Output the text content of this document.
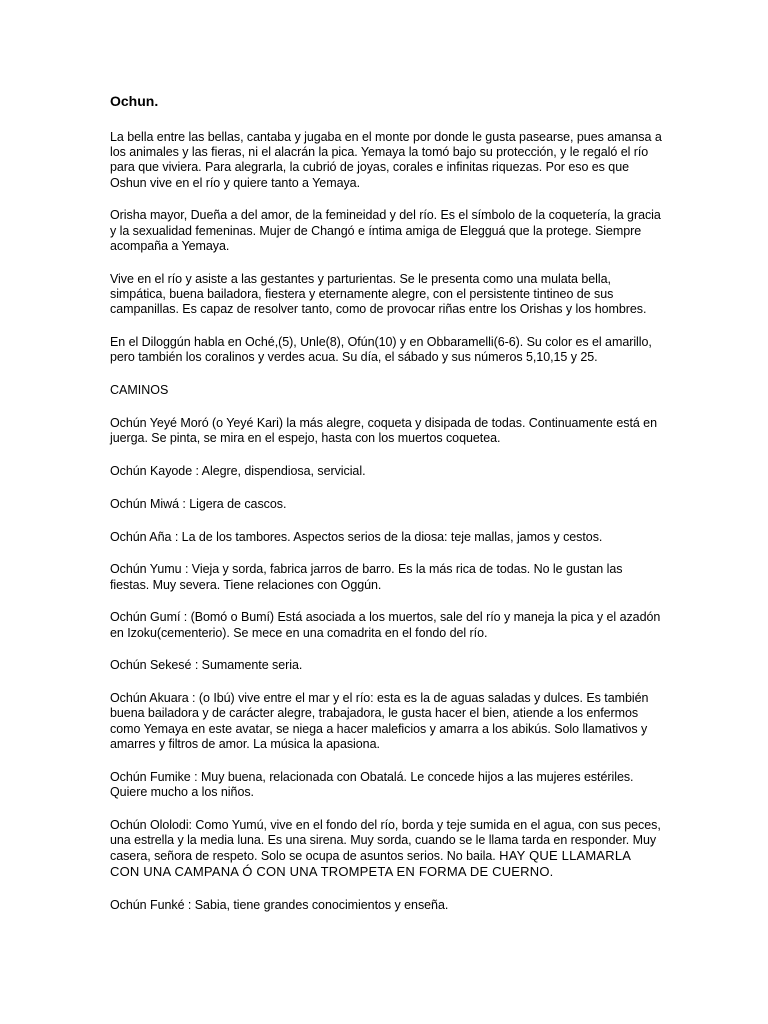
Ochun.

La bella entre las bellas, cantaba y jugaba en el monte por donde le gusta pasearse, pues amansa a los animales y las fieras, ni el alacrán la pica. Yemaya la tomó bajo su protección, y le regaló el río para que viviera. Para alegrarla, la cubrió de joyas, corales e infinitas riquezas. Por eso es que Oshun vive en el río y quiere tanto a Yemaya.

Orisha mayor, Dueña a del amor, de la femineidad y del río. Es el símbolo de la coquetería, la gracia y la sexualidad femeninas. Mujer de Changó e íntima amiga de Elegguá que la protege. Siempre acompaña a Yemaya.

Vive en el río y asiste a las gestantes y parturientas. Se le presenta como una mulata bella, simpática, buena bailadora, fiestera y eternamente alegre, con el persistente tintineo de sus campanillas. Es capaz de resolver tanto, como de provocar riñas entre los Orishas y los hombres.

En el Diloggún habla en Oché,(5), Unle(8), Ofún(10) y en Obbaramelli(6-6). Su color es el amarillo, pero también los coralinos y verdes acua. Su día, el sábado y sus números 5,10,15 y 25.

CAMINOS

Ochún Yeyé Moró (o Yeyé Kari) la más alegre, coqueta y disipada de todas. Continuamente está en juerga. Se pinta, se mira en el espejo, hasta con los muertos coquetea.

Ochún Kayode : Alegre, dispendiosa, servicial.

Ochún Miwá : Ligera de cascos.

Ochún Aña : La de los tambores. Aspectos serios de la diosa: teje mallas, jamos y cestos.

Ochún Yumu : Vieja y sorda, fabrica jarros de barro. Es la más rica de todas. No le gustan las fiestas. Muy severa. Tiene relaciones con Oggún.

Ochún Gumí : (Bomó o Bumí) Está asociada a los muertos, sale del río y maneja la pica y el azadón en Izoku(cementerio). Se mece en una comadrita en el fondo del río.

Ochún Sekesé : Sumamente seria.

Ochún Akuara : (o Ibú) vive entre el mar y el río: esta es la de aguas saladas y dulces. Es también buena bailadora y de carácter alegre, trabajadora, le gusta hacer el bien, atiende a los enfermos como Yemaya en este avatar, se niega a hacer maleficios y amarra a los abikús. Solo llamativos y amarres y filtros de amor. La música la apasiona.

Ochún Fumike : Muy buena, relacionada con Obatalá. Le concede hijos a las mujeres estériles. Quiere mucho a los niños.

Ochún Ololodi: Como Yumú, vive en el fondo del río, borda y teje sumida en el agua, con sus peces, una estrella y la media luna. Es una sirena. Muy sorda, cuando se le llama tarda en responder. Muy casera, señora de respeto. Solo se ocupa de asuntos serios. No baila. HAY QUE LLAMARLA CON UNA CAMPANA Ó CON UNA TROMPETA EN FORMA DE CUERNO.

Ochún Funké : Sabia, tiene grandes conocimientos y enseña.
